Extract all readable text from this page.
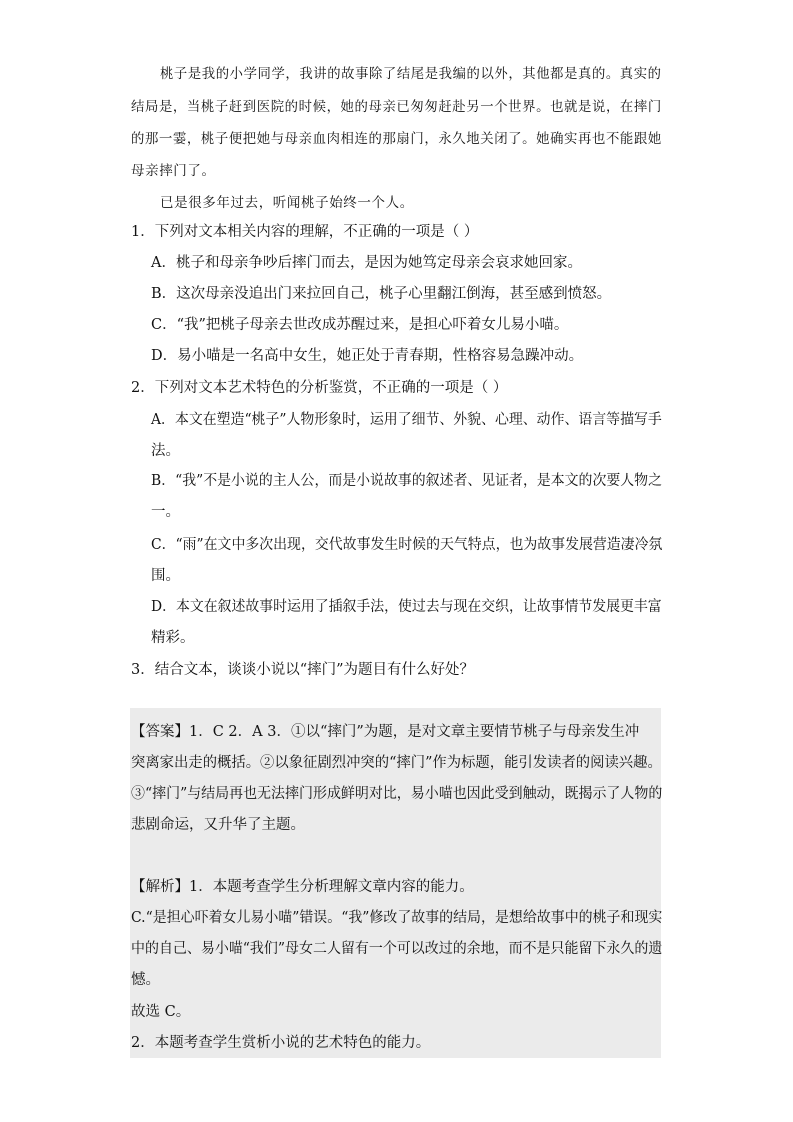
桃子是我的小学同学，我讲的故事除了结尾是我编的以外，其他都是真的。真实的
结局是，当桃子赶到医院的时候，她的母亲已匆匆赶赴另一个世界。也就是说，在摔门
的那一霎，桃子便把她与母亲血肉相连的那扇门，永久地关闭了。她确实再也不能跟她
母亲摔门了。
已是很多年过去，听闻桃子始终一个人。
1．下列对文本相关内容的理解，不正确的一项是（ ）
A．桃子和母亲争吵后摔门而去，是因为她笃定母亲会哀求她回家。
B．这次母亲没追出门来拉回自己，桃子心里翻江倒海，甚至感到愤怒。
C．“我”把桃子母亲去世改成苏醒过来，是担心吓着女儿易小喵。
D．易小喵是一名高中女生，她正处于青春期，性格容易急躁冲动。
2．下列对文本艺术特色的分析鉴赏，不正确的一项是（ ）
A．本文在塑造“桃子”人物形象时，运用了细节、外貌、心理、动作、语言等描写手
法。
B．“我”不是小说的主人公，而是小说故事的叙述者、见证者，是本文的次要人物之
一。
C．“雨”在文中多次出现，交代故事发生时候的天气特点，也为故事发展营造凄冷氛
围。
D．本文在叙述故事时运用了插叙手法，使过去与现在交织，让故事情节发展更丰富
精彩。
3．结合文本，谈谈小说以“摔门”为题目有什么好处？
【答案】1．C 2．A 3．①以“摔门”为题，是对文章主要情节桃子与母亲发生冲
突离家出走的概括。②以象征剧烈冲突的“摔门”作为标题，能引发读者的阅读兴趣。
③“摔门”与结局再也无法摔门形成鲜明对比，易小喵也因此受到触动，既揭示了人物的
悲剧命运，又升华了主题。
【解析】1．本题考查学生分析理解文章内容的能力。
C.“是担心吓着女儿易小喵”错误。“我”修改了故事的结局，是想给故事中的桃子和现实
中的自己、易小喵“我们”母女二人留有一个可以改过的余地，而不是只能留下永久的遗
憾。
故选 C。
2．本题考查学生赏析小说的艺术特色的能力。
